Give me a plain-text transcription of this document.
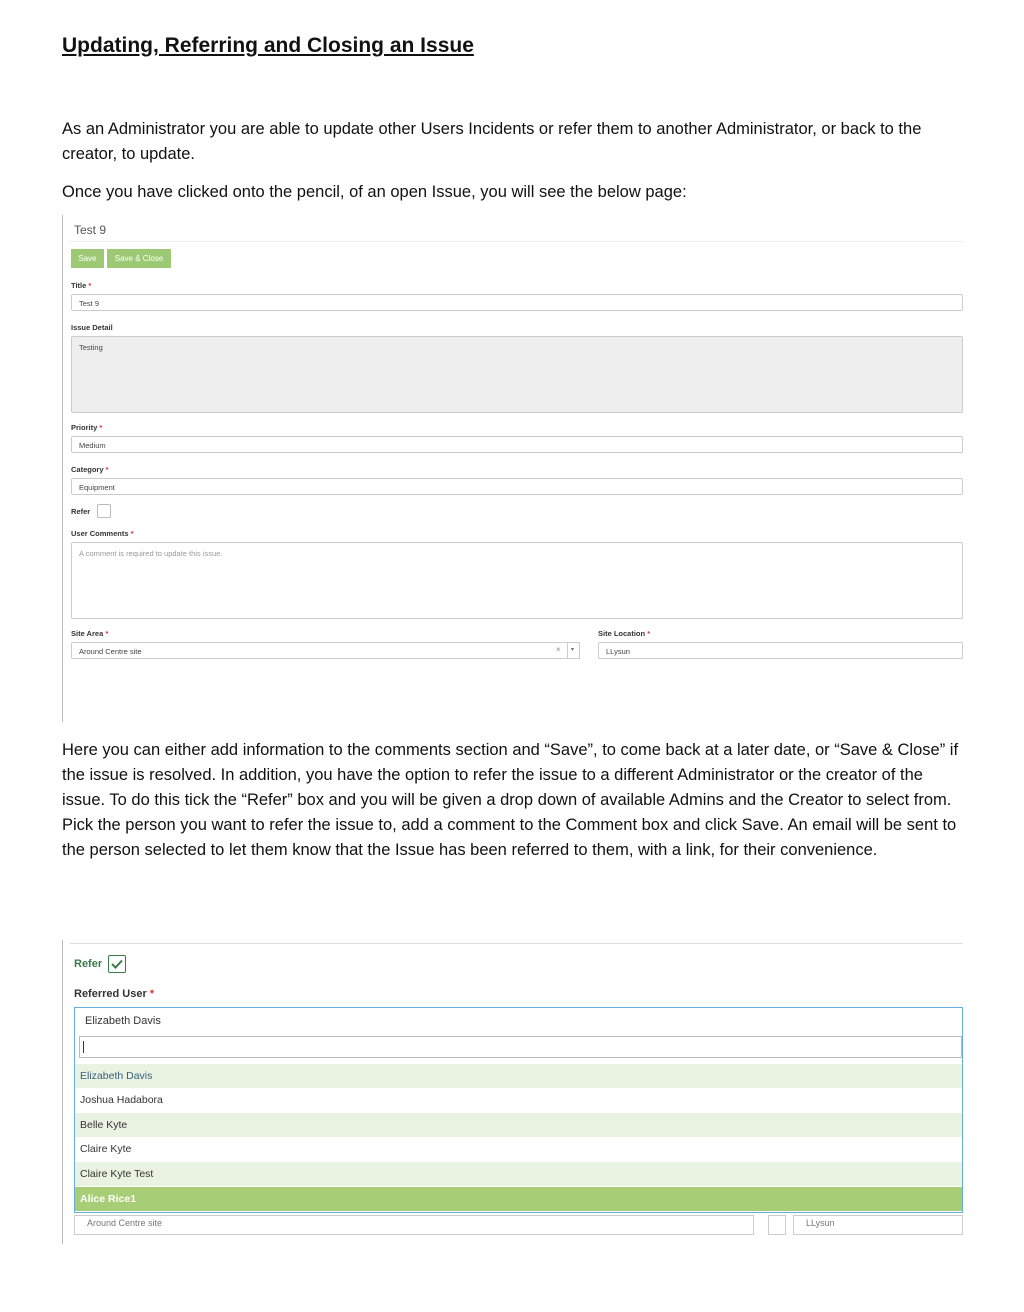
Updating, Referring and Closing an Issue

As an Administrator you are able to update other Users Incidents or refer them to another Administrator, or back to the creator, to update.

Once you have clicked onto the pencil, of an open Issue, you will see the below page:

Test 9
Save	Save & Close
Title *
Test 9
Issue Detail
Testing
Priority *
Medium
Category *
Equipment
Refer
User Comments *
A comment is required to update this issue.
Site Area *
Around Centre site	× ▾
Site Location *
LLysun

Here you can either add information to the comments section and “Save”, to come back at a later date, or “Save & Close” if the issue is resolved. In addition, you have the option to refer the issue to a different Administrator or the creator of the issue. To do this tick the “Refer” box and you will be given a drop down of available Admins and the Creator to select from. Pick the person you want to refer the issue to, add a comment to the Comment box and click Save. An email will be sent to the person selected to let them know that the Issue has been referred to them, with a link, for their convenience.

Refer
Referred User *
Elizabeth Davis
Elizabeth Davis
Joshua Hadabora
Belle Kyte
Claire Kyte
Claire Kyte Test
Alice Rice1
Around Centre site	LLysun
